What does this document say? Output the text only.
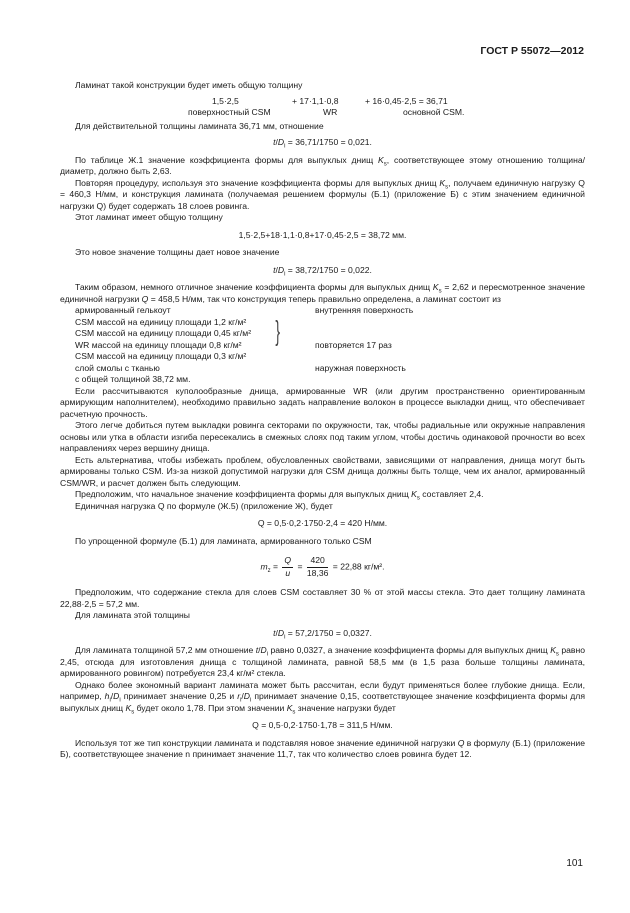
ГОСТ Р 55072—2012

Ламинат такой конструкции будет иметь общую толщину

1,5·2,5	+ 17·1,1·0,8	+ 16·0,45·2,5 = 36,71
поверхностный CSM	WR	основной CSM.

Для действительной толщины ламината 36,71 мм, отношение

$t/D_i = 36,71/1750 = 0,021$.

По таблице Ж.1 значение коэффициента формы для выпуклых днищ $K_s$, соответствующее этому отношению толщина/диаметр, должно быть 2,63.

Повторяя процедуру, используя это значение коэффициента формы для выпуклых днищ $K_s$, получаем единичную нагрузку Q = 460,3 Н/мм, и конструкция ламината (получаемая решением формулы (Б.1) (приложение Б) с этим значением единичной нагрузки Q) будет содержать 18 слоев ровинга.

Этот ламинат имеет общую толщину

1,5·2,5+18·1,1·0,8+17·0,45·2,5 = 38,72 мм.

Это новое значение толщины дает новое значение

$t/D_i = 38,72/1750 = 0,022$.

Таким образом, немного отличное значение коэффициента формы для выпуклых днищ $K_s = 2,62$ и пересмотренное значение единичной нагрузки Q = 458,5 Н/мм, так что конструкция теперь правильно определена, а ламинат состоит из

армированный гелькоут	внутренняя поверхность
CSM массой на единицу площади 1,2 кг/м²
CSM массой на единицу площади 0,45 кг/м²
WR массой на единицу площади 0,8 кг/м²	повторяется 17 раз
CSM массой на единицу площади 0,3 кг/м²
слой смолы с тканью	наружная поверхность
с общей толщиной 38,72 мм.
}

Если рассчитываются куполообразные днища, армированные WR (или другим пространственно ориентированным армирующим наполнителем), необходимо правильно задать направление волокон в процессе выкладки днищ, что обеспечивает расчетную прочность.

Этого легче добиться путем выкладки ровинга секторами по окружности, так, чтобы радиальные или окружные направления основы или утка в области изгиба пересекались в смежных слоях под таким углом, чтобы достичь одинаковой прочности во всех направлениях через вершину днища.

Есть альтернатива, чтобы избежать проблем, обусловленных свойствами, зависящими от направления, днища могут быть армированы только CSM. Из-за низкой допустимой нагрузки для CSM днища должны быть толще, чем их аналог, армированный CSM/WR, и расчет должен быть следующим.

Предположим, что начальное значение коэффициента формы для выпуклых днищ $K_s$ составляет 2,4.

Единичная нагрузка Q по формуле (Ж.5) (приложение Ж), будет

Q = 0,5·0,2·1750·2,4 = 420 Н/мм.

По упрощенной формуле (Б.1) для ламината, армированного только CSM

$m_z = \frac{Q}{u} = \frac{420}{18,36} = 22,88$ кг/м².

Предположим, что содержание стекла для слоев CSM составляет 30 % от этой массы стекла. Это дает толщину ламината 22,88·2,5 = 57,2 мм.

Для ламината этой толщины

$t/D_i = 57,2/1750 = 0,0327$.

Для ламината толщиной 57,2 мм отношение $t/D_i$ равно 0,0327, а значение коэффициента формы для выпуклых днищ $K_s$ равно 2,45, отсюда для изготовления днища с толщиной ламината, равной 58,5 мм (в 1,5 раза больше толщины ламината, армированного ровингом) потребуется 23,4 кг/м² стекла.

Однако более экономный вариант ламината может быть рассчитан, если будут применяться более глубокие днища. Если, например, $h_i/D_i$ принимает значение 0,25 и $r_i/D_i$ принимает значение 0,15, соответствующее значение коэффициента формы для выпуклых днищ $K_s$ будет около 1,78. При этом значении $K_s$ значение нагрузки будет

Q = 0,5·0,2·1750·1,78 = 311,5 Н/мм.

Используя тот же тип конструкции ламината и подставляя новое значение единичной нагрузки Q в формулу (Б.1) (приложение Б), соответствующее значение n принимает значение 11,7, так что количество слоев ровинга будет 12.

101
